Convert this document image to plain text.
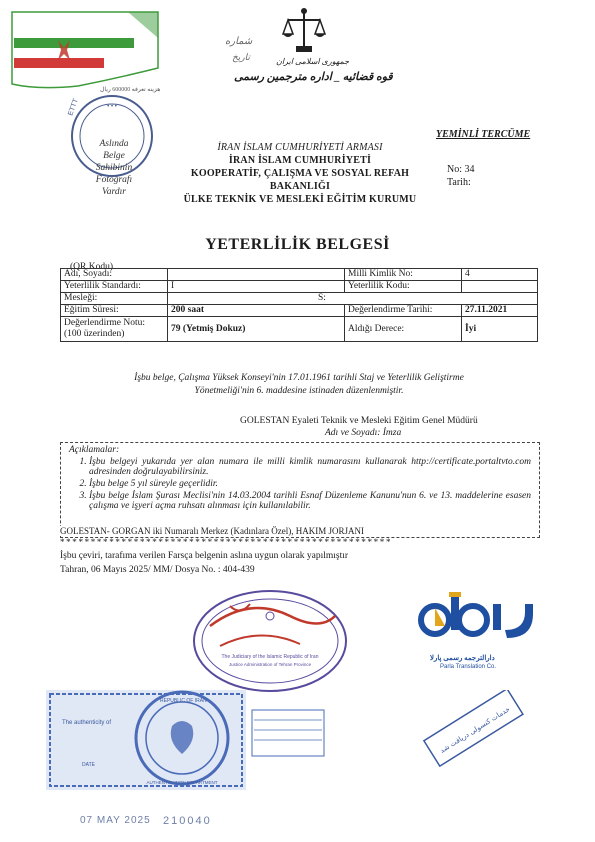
شماره
تاریخ	جمهوری اسلامی ایران
قوه قضائیه _ اداره مترجمین رسمی
هزینه تعرفه 600000 ریال
ETTT	• • •
Aslında
Belge
Sahibinin
Fotoğrafı
Vardır
İRAN İSLAM CUMHURİYETİ ARMASI
İRAN İSLAM CUMHURİYETİ
KOOPERATİF, ÇALIŞMA VE SOSYAL REFAH
BAKANLIĞI
ÜLKE TEKNİK VE MESLEKİ EĞİTİM KURUMU
YEMİNLİ TERCÜME
No: 34
Tarih:
YETERLİLİK BELGESİ
(QR Kodu)
Adı, Soyadı:		Milli Kimlik No:	4
Yeterlilik Standardı:	I	Yeterlilik Kodu:	
Mesleği:	S:		
Eğitim Süresi:	200 saat	Değerlendirme Tarihi:	27.11.2021

Değerlendirme Notu:
(100 üzerinden)	79 (Yetmiş Dokuz)	Aldığı Derece:	İyi
İşbu belge, Çalışma Yüksek Konseyi'nin 17.01.1961 tarihli Staj ve Yeterlilik Geliştirme
Yönetmeliği'nin 6. maddesine istinaden düzenlenmiştir.
GOLESTAN Eyaleti Teknik ve Mesleki Eğitim Genel Müdürü
Adı ve Soyadı: İmza
Açıklamalar:
1. İşbu belgeyi yukarıda yer alan numara ile milli kimlik numarasını kullanarak http://certificate.portaltvto.com adresinden doğrulayabilirsiniz.
2. İşbu belge 5 yıl süreyle geçerlidir.
3. İşbu belge İslam Şurası Meclisi'nin 14.03.2004 tarihli Esnaf Düzenleme Kanunu'nun 6. ve 13. maddelerine esasen çalışma ve işyeri açma ruhsatı alınması için kullanılabilir.
GOLESTAN- GORGAN iki Numaralı Merkez (Kadınlara Özel), HAKIM JORJANI
* * * * * * * * * * * * * * * * * * * * * * * * * * * * * * * * * * * * * * * * * * * * * * * * * * * * * *
İşbu çeviri, tarafıma verilen Farsça belgenin aslına uygun olarak yapılmıştır
Tahran, 06 Mayıs 2025/ MM/ Dosya No. : 404-439
The Judiciary of the Islamic Republic of Iran
Justice Administration of Tehran Province
The authenticity of
REPUBLIC OF IRAN
AUTHENTICATION DEPARTMENT
DATE
دارالترجمه رسمی پارلا
Parla Translation Co.
خدمات کنسولی دریافت شد
07 MAY 2025 210040
